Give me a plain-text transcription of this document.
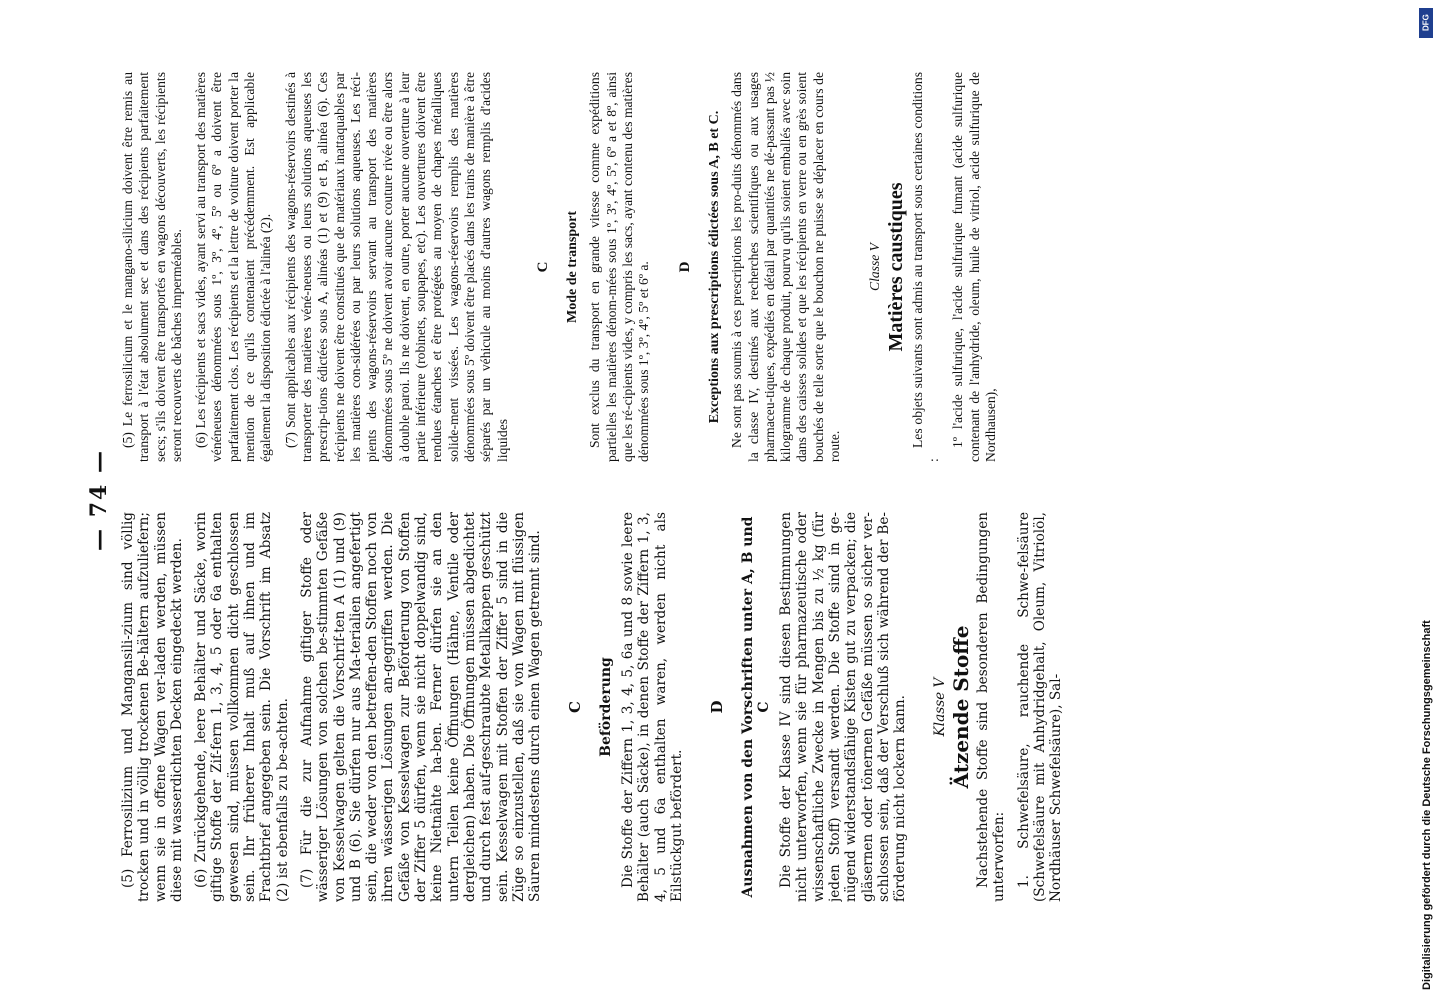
— 74 —

(5) Ferrosilizium und Mangansili-zium sind völlig trocken und in völlig trockenen Be-hältern aufzuliefern; wenn sie in offene Wagen ver-laden werden, müssen diese mit wasserdichten Decken eingedeckt werden. (6) Zurückgehende, leere Behälter und Säcke, worin giftige Stoffe der Zif-fern 1, 3, 4, 5 oder 6a enthalten gewesen sind, müssen vollkommen dicht geschlossen sein. Ihr früherer Inhalt muß auf ihnen und im Frachtbrief angegeben sein. Die Vorschrift im Absatz (2) ist ebenfalls zu be-achten. (7) Für die zur Aufnahme giftiger Stoffe oder wässeriger Lösungen von solchen be-stimmten Gefäße von Kesselwagen gelten die Vorschrif-ten A (1) und (9) und B (6). Sie dürfen nur aus Ma-terialien angefertigt sein, die weder von den betreffen-den Stoffen noch von ihren wässerigen Lösungen an-gegriffen werden. Die Gefäße von Kesselwagen zur Beförderung von Stoffen der Ziffer 5 dürfen, wenn sie nicht doppelwandig sind, keine Nietnähte ha-ben. Ferner dürfen sie an den untern Teilen keine Öffnungen (Hähne, Ventile oder dergleichen) haben. Die Öffnungen müssen abgedichtet und durch fest auf-geschraubte Metallkappen geschützt sein. Kesselwagen mit Stoffen der Ziffer 5 sind in die Züge so einzustellen, daß sie von Wagen mit flüssigen Säuren mindestens durch einen Wagen getrennt sind. C Beförderung Die Stoffe der Ziffern 1, 3, 4, 5, 6a und 8 sowie leere Behälter (auch Säcke), in denen Stoffe der Ziffern 1, 3, 4, 5 und 6a enthalten waren, werden nicht als Eilstückgut befördert.

D Ausnahmen von den Vorschriften unter A, B und C Die Stoffe der Klasse IV sind diesen Bestimmungen nicht unterworfen, wenn sie für pharmazeutische oder wissenschaftliche Zwecke in Mengen bis zu ½ kg (für jeden Stoff) versandt werden. Die Stoffe sind in ge-nügend widerstandsfähige Kisten gut zu verpacken; die gläsernen oder tönernen Gefäße müssen so sicher ver-schlossen sein, daß der Verschluß sich während der Be-förderung nicht lockern kann. Klasse V Ätzende Stoffe Nachstehende Stoffe sind besonderen Bedingungen unterworfen: 1. Schwefelsäure, rauchende Schwe-felsäure (Schwefelsäure mit Anhydridgehalt, Oleum, Vitriolöl, Nordhäuser Schwefelsäure), Sal-

(5) Le ferrosilicium et le mangano-silicium doivent être remis au transport à l'état absolument sec et dans des récipients parfaitement secs; s'ils doivent être transportés en wagons découverts, les récipients seront recouverts de bâches imperméables. (6) Les récipients et sacs vides, ayant servi au transport des matières vénéneuses dénommées sous 1º, 3º, 4º, 5º ou 6º a doivent être parfaitement clos. Les récipients et la lettre de voiture doivent porter la mention de ce qu'ils contenaient précédemment. Est applicable également la disposition édictée à l'alinéa (2). (7) Sont applicables aux récipients des wagons-réservoirs destinés à transporter des matières véné-neuses ou leurs solutions aqueuses les prescrip-tions édictées sous A, alinéas (1) et (9) et B, alinéa (6). Ces récipients ne doivent être constitués que de matériaux inattaquables par les matières con-sidérées ou par leurs solutions aqueuses. Les réci-pients des wagons-réservoirs servant au transport des matières dénommées sous 5º ne doivent avoir aucune couture rivée ou être alors à double paroi. Ils ne doivent, en outre, porter aucune ouverture à leur partie inférieure (robinets, soupapes, etc). Les ouvertures doivent être rendues étanches et être protégées au moyen de chapes métalliques solide-ment vissées. Les wagons-réservoirs remplis des matières dénommées sous 5º doivent être placés dans les trains de manière à être séparés par un véhicule au moins d'autres wagons remplis d'acides liquides

C Mode de transport Sont exclus du transport en grande vitesse comme expéditions partielles les matières dénom-mées sous 1º, 3º, 4º, 5º, 6º a et 8º, ainsi que les ré-cipients vides, y compris les sacs, ayant contenu des matières dénommées sous 1º, 3º, 4º, 5º et 6º a. D Exceptions aux prescriptions édictées sous A, B et C. Ne sont pas soumis à ces prescriptions les pro-duits dénommés dans la classe IV, destinés aux recherches scientifiques ou aux usages pharmaceu-tiques, expédiés en détail par quantités ne dé-passant pas ½ kilogramme de chaque produit, pourvu qu'ils soient emballés avec soin dans des caisses solides et que les récipients en verre ou en grès soient bouchés de telle sorte que le bouchon ne puisse se déplacer en cours de route.

Classe V Matières caustiques Les objets suivants sont admis au transport sous certaines conditions :

1º l'acide sulfurique, l'acide sulfurique fumant (acide sulfurique contenant de l'anhydride, oleum, huile de vitriol, acide sulfurique de Nordhausen),

DFG
Digitalisierung gefördert durch die Deutsche Forschungsgemeinschaft
